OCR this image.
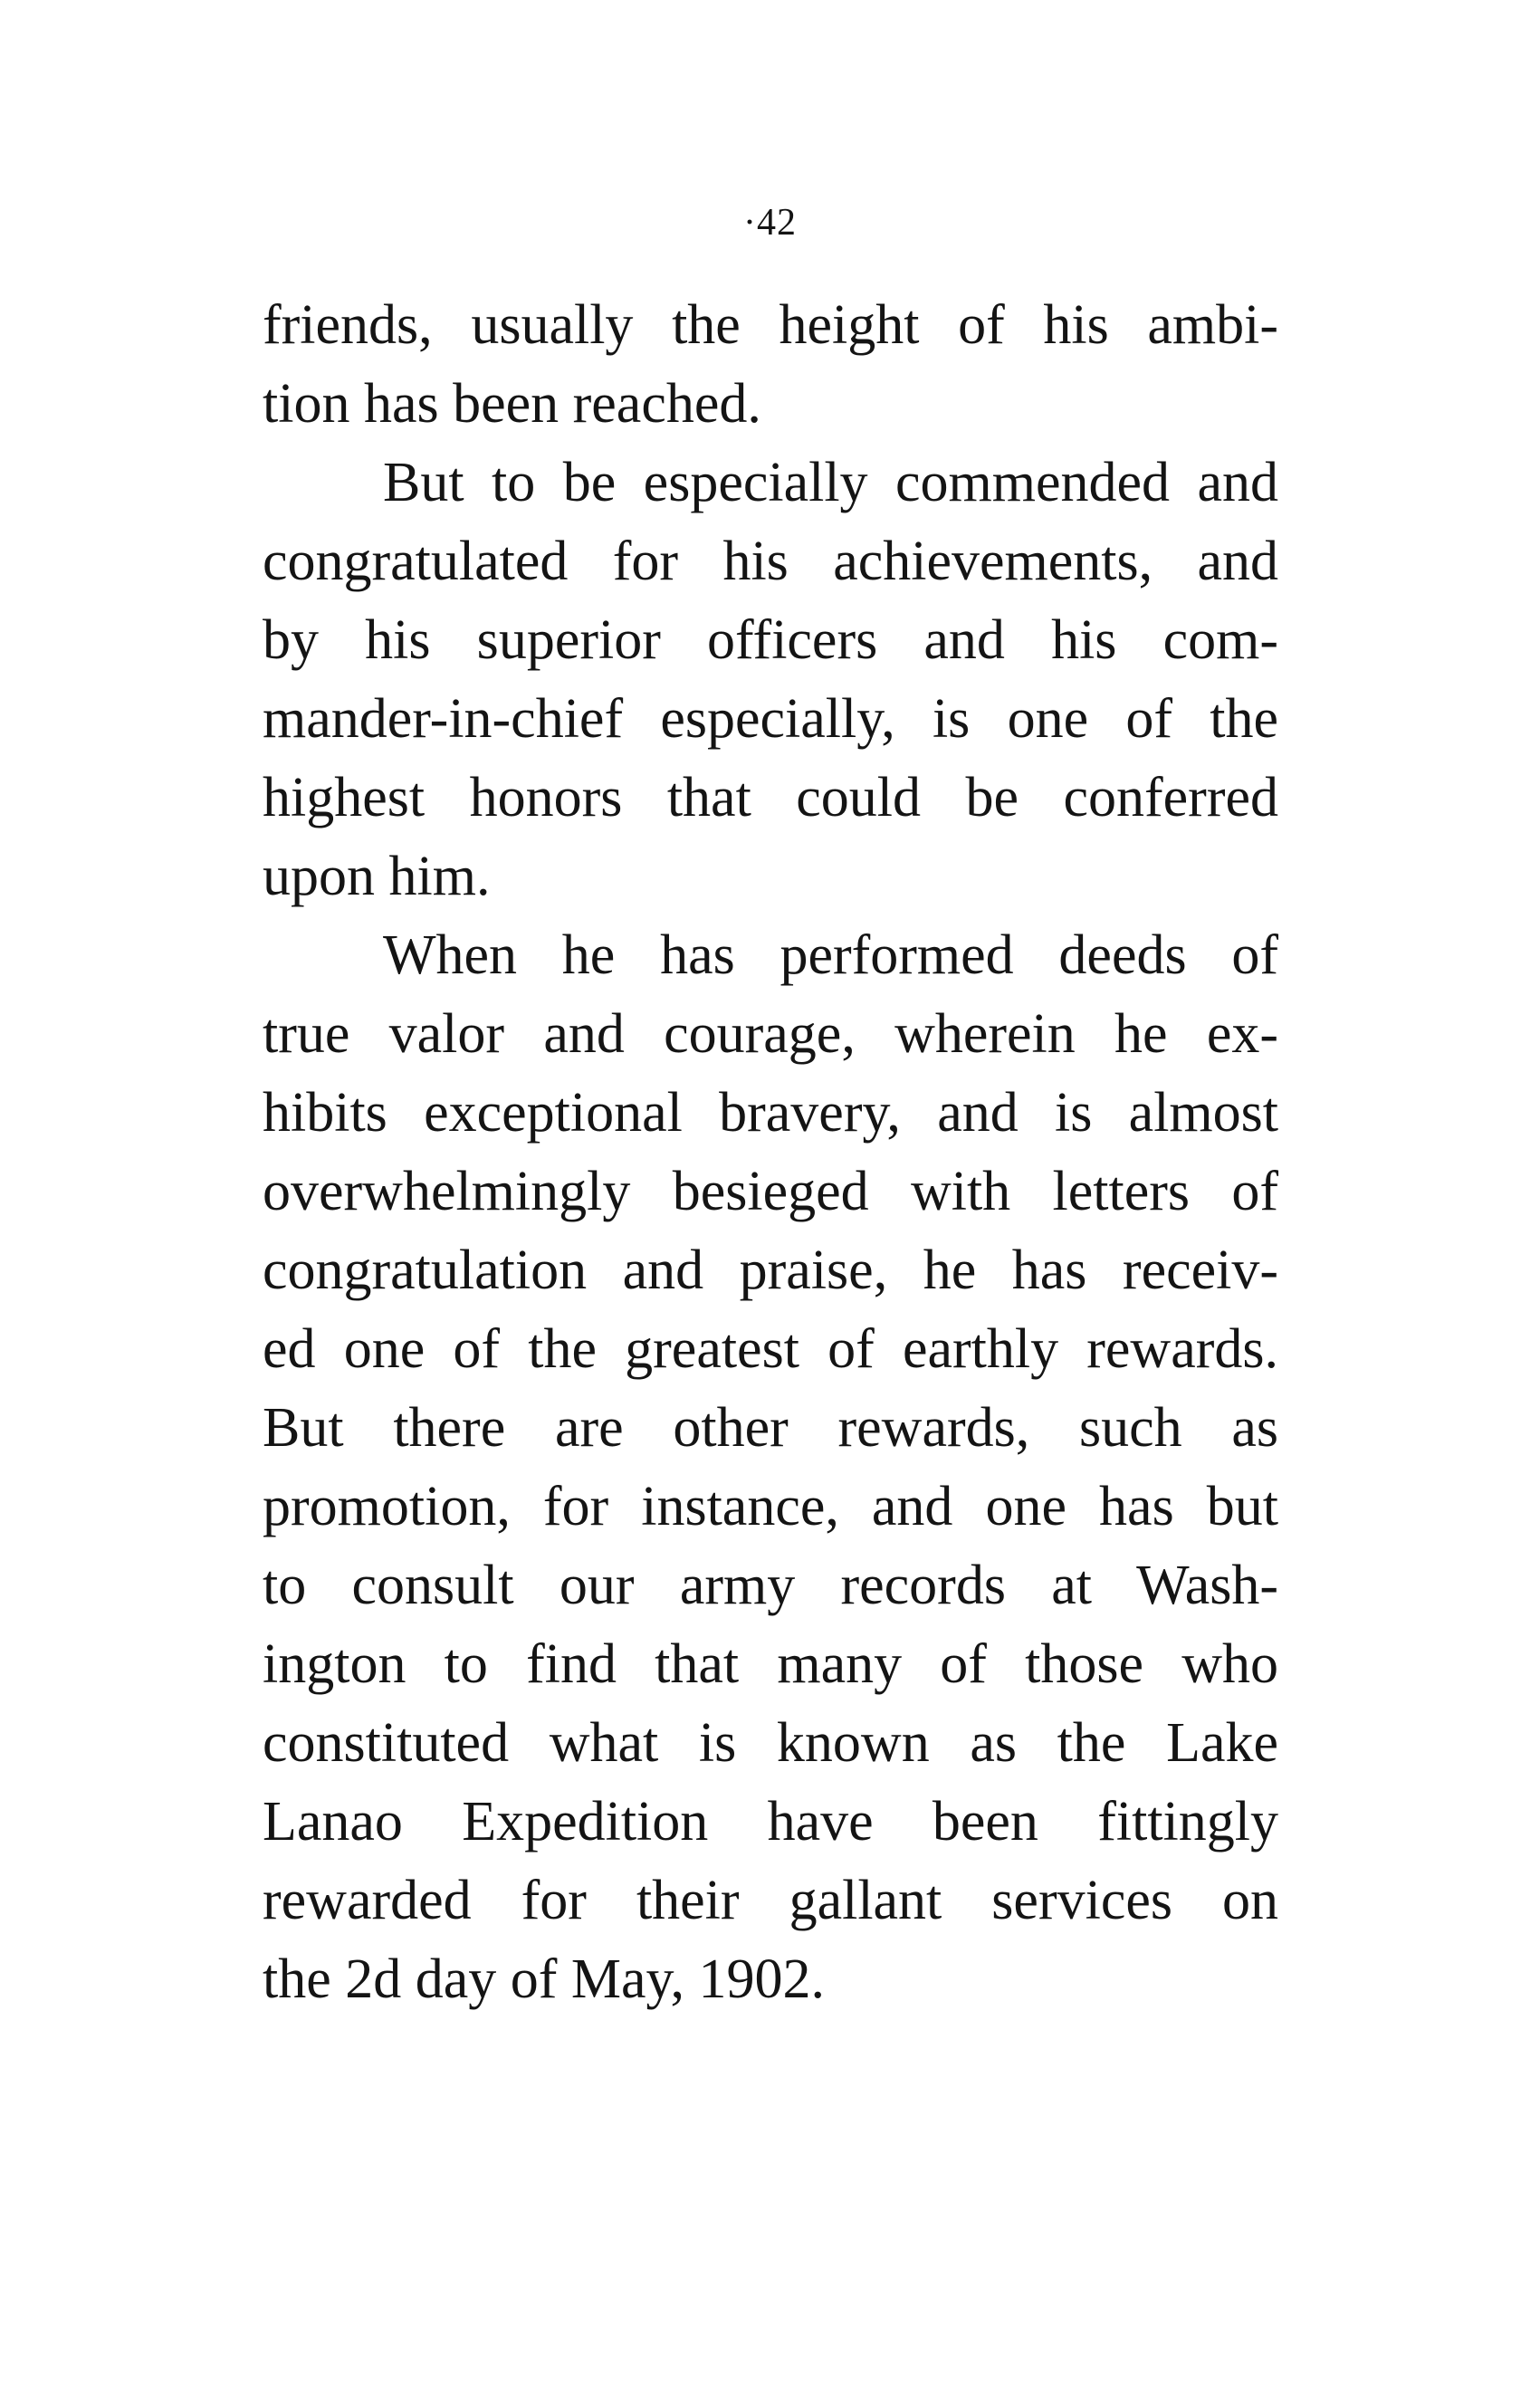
·42
friends, usually the height of his ambi-
tion has been reached.
But to be especially commended and
congratulated for his achievements, and
by his superior officers and his com-
mander-in-chief especially, is one of the
highest honors that could be conferred
upon him.
When he has performed deeds of
true valor and courage, wherein he ex-
hibits exceptional bravery, and is almost
overwhelmingly besieged with letters of
congratulation and praise, he has receiv-
ed one of the greatest of earthly rewards.
But there are other rewards, such as
promotion, for instance, and one has but
to consult our army records at Wash-
ington to find that many of those who
constituted what is known as the Lake
Lanao Expedition have been fittingly
rewarded for their gallant services on
the 2d day of May, 1902.
